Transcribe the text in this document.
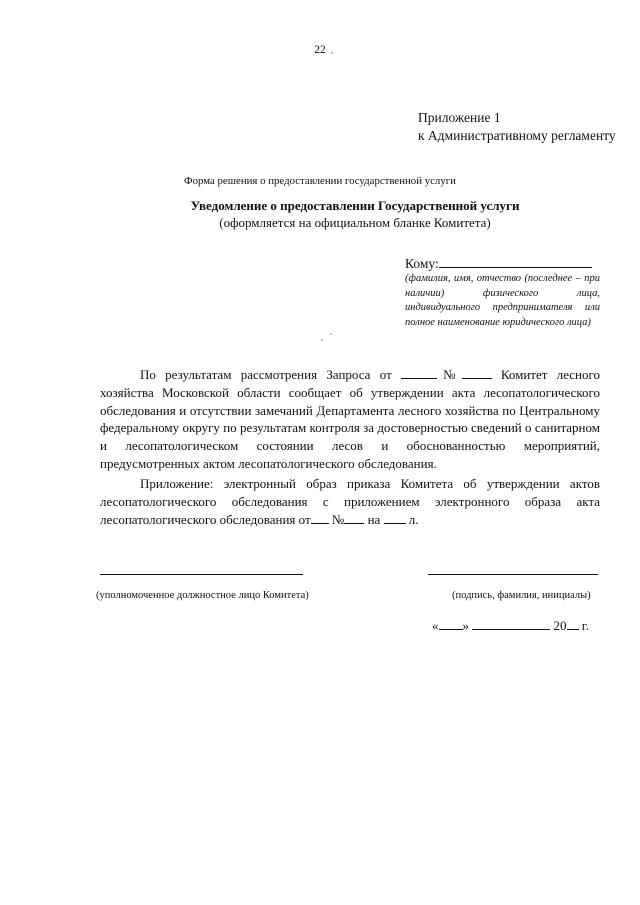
22
Приложение 1
к Административному регламенту
Форма решения о предоставлении государственной услуги
Уведомление о предоставлении Государственной услуги
(оформляется на официальном бланке Комитета)
Кому:
(фамилия, имя, отчество (последнее – при наличии) физического лица, индивидуального предпринимателя или полное наименование юридического лица)
По результатам рассмотрения Запроса от	№	Комитет лесного хозяйства Московской области сообщает об утверждении акта лесопатологического обследования и отсутствии замечаний Департамента лесного хозяйства по Центральному федеральному округу по результатам контроля за достоверностью сведений о санитарном и лесопатологическом состоянии лесов и обоснованностью мероприятий, предусмотренных актом лесопатологического обследования.
Приложение: электронный образ приказа Комитета об утверждении актов лесопатологического обследования с приложением электронного образа акта лесопатологического обследования от № на л.
(уполномоченное должностное лицо Комитета)	(подпись, фамилия, инициалы)
« »	20 г.
